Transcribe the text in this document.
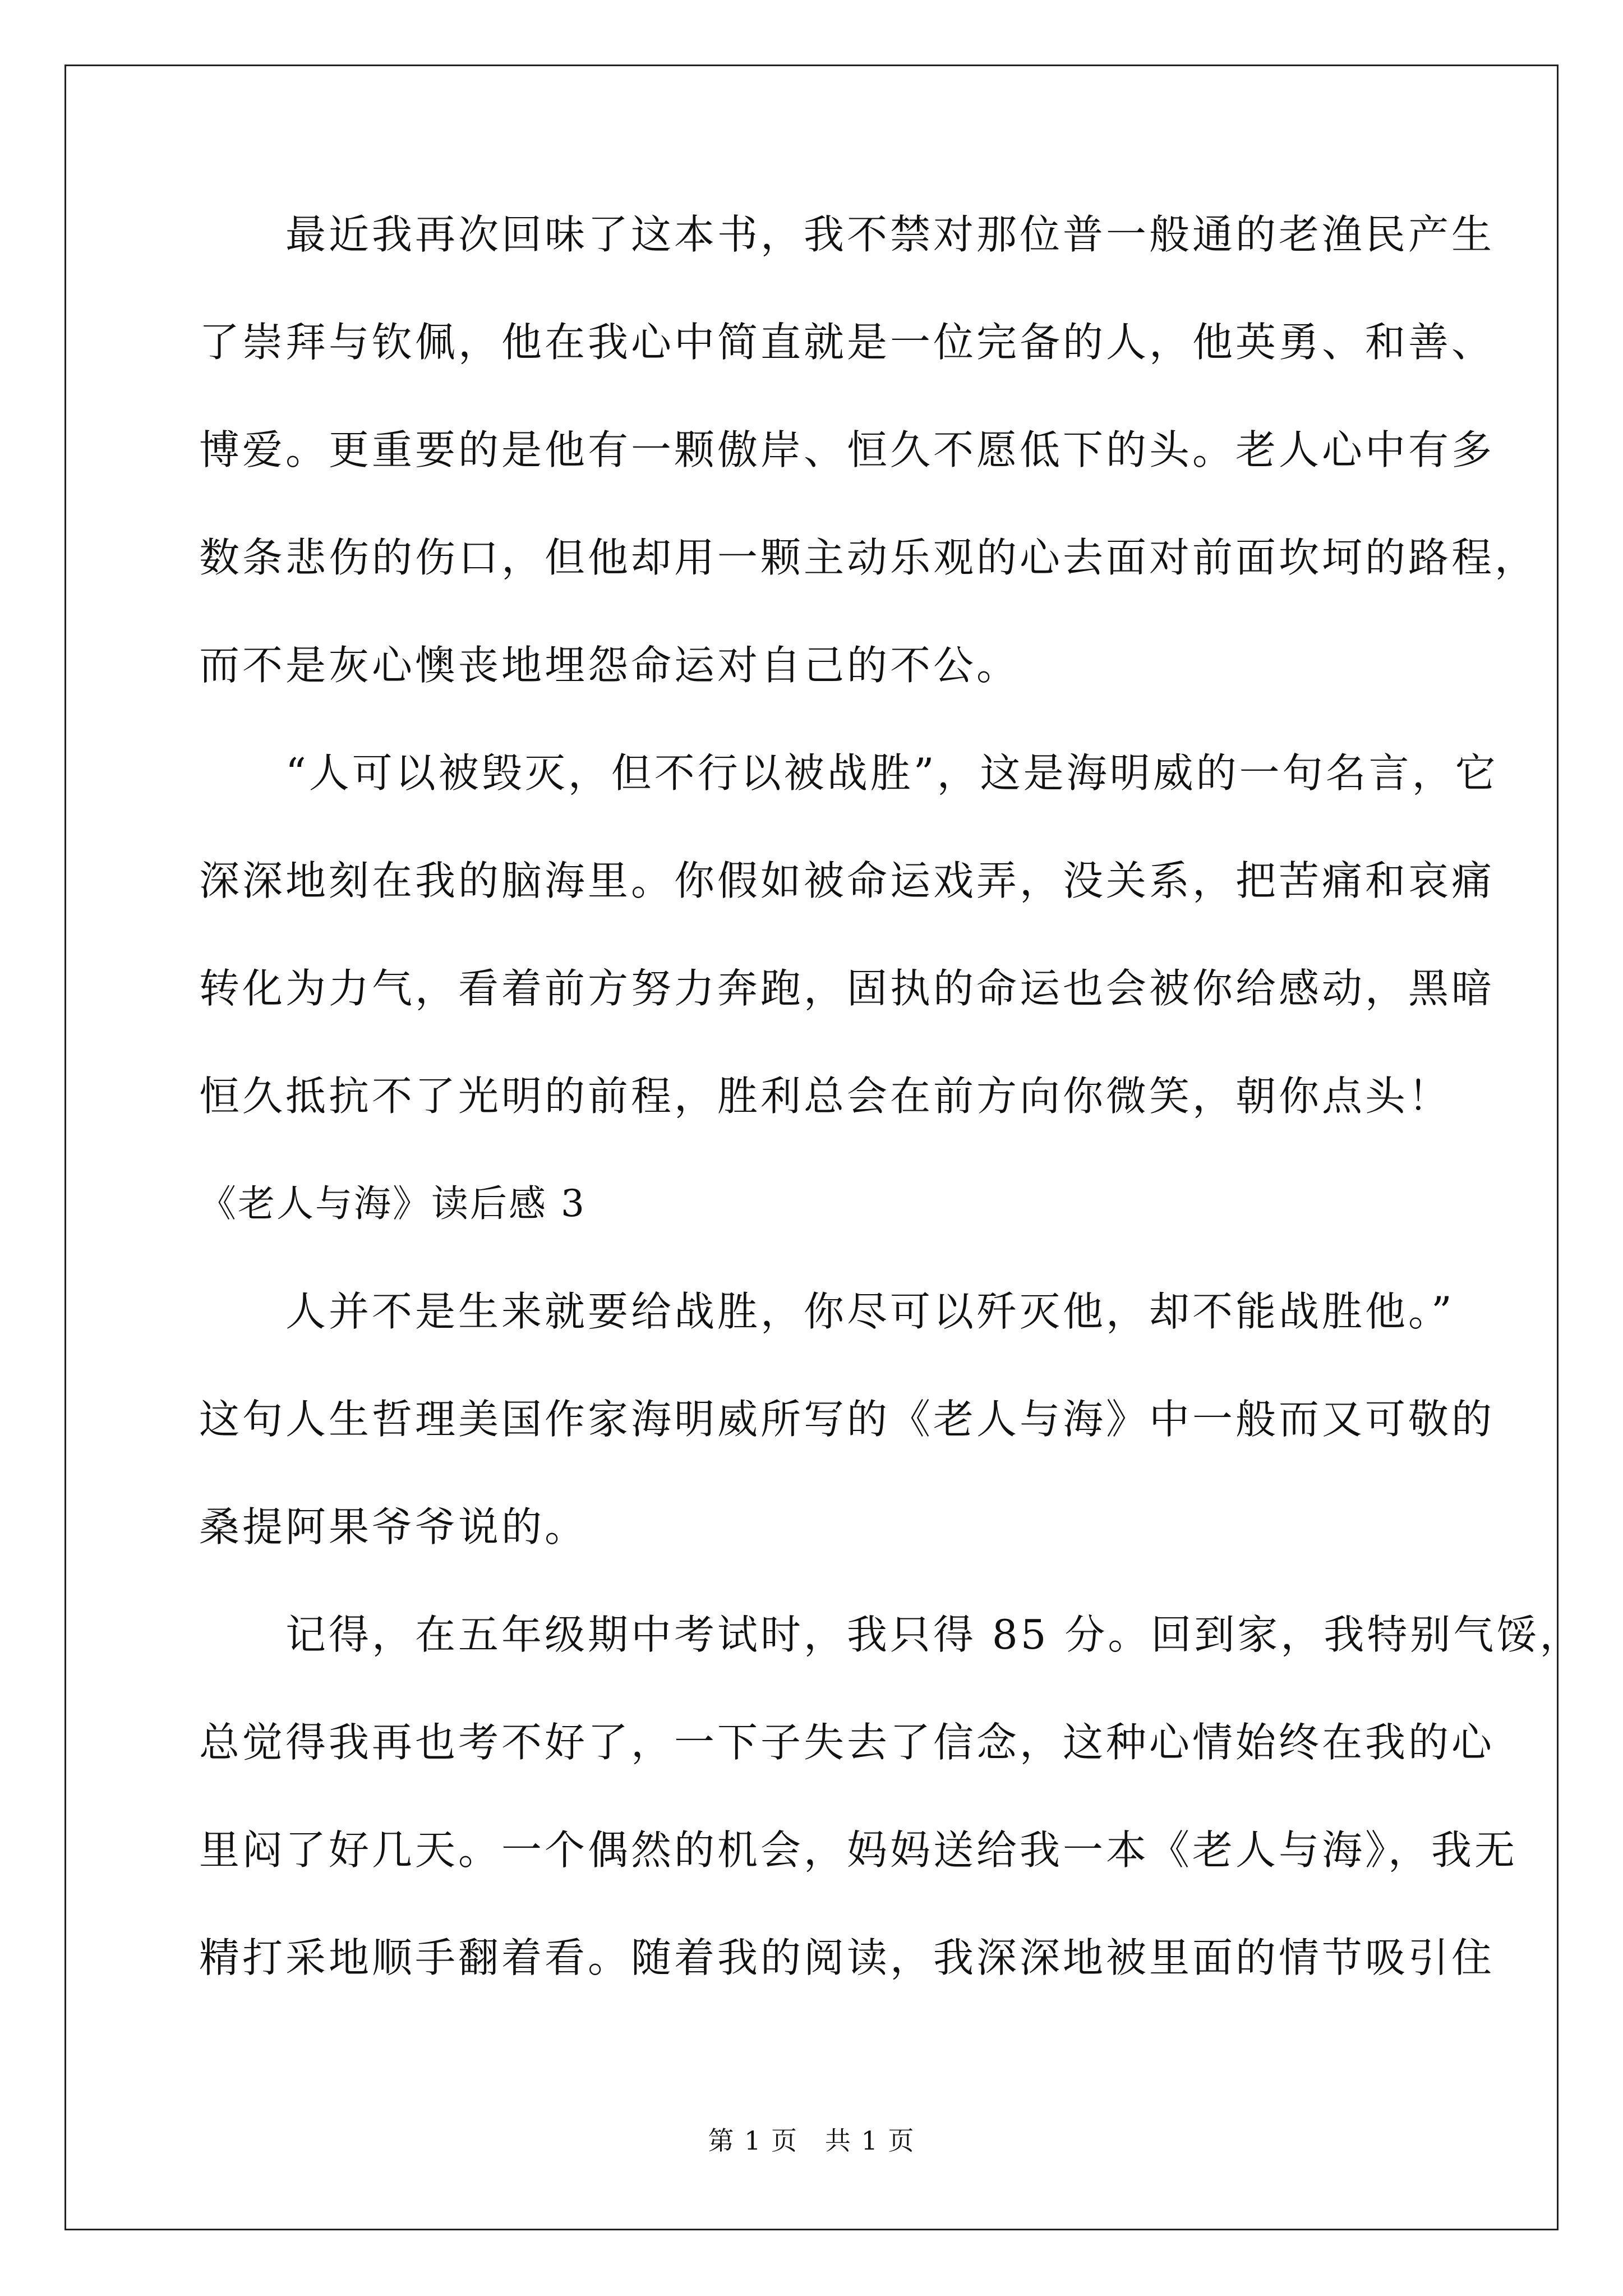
　　最近我再次回味了这本书，我不禁对那位普一般通的老渔民产生
了崇拜与钦佩，他在我心中简直就是一位完备的人，他英勇、和善、
博爱。更重要的是他有一颗傲岸、恒久不愿低下的头。老人心中有多
数条悲伤的伤口，但他却用一颗主动乐观的心去面对前面坎坷的路程，
而不是灰心懊丧地埋怨命运对自己的不公。
　　“人可以被毁灭，但不行以被战胜”，这是海明威的一句名言，它
深深地刻在我的脑海里。你假如被命运戏弄，没关系，把苦痛和哀痛
转化为力气，看着前方努力奔跑，固执的命运也会被你给感动，黑暗
恒久抵抗不了光明的前程，胜利总会在前方向你微笑，朝你点头！
《老人与海》读后感 3
　　人并不是生来就要给战胜，你尽可以歼灭他，却不能战胜他。”
这句人生哲理美国作家海明威所写的《老人与海》中一般而又可敬的
桑提阿果爷爷说的。
　　记得，在五年级期中考试时，我只得 85 分。回到家，我特别气馁，
总觉得我再也考不好了，一下子失去了信念，这种心情始终在我的心
里闷了好几天。一个偶然的机会，妈妈送给我一本《老人与海》，我无
精打采地顺手翻着看。随着我的阅读，我深深地被里面的情节吸引住
第 1 页　共 1 页
